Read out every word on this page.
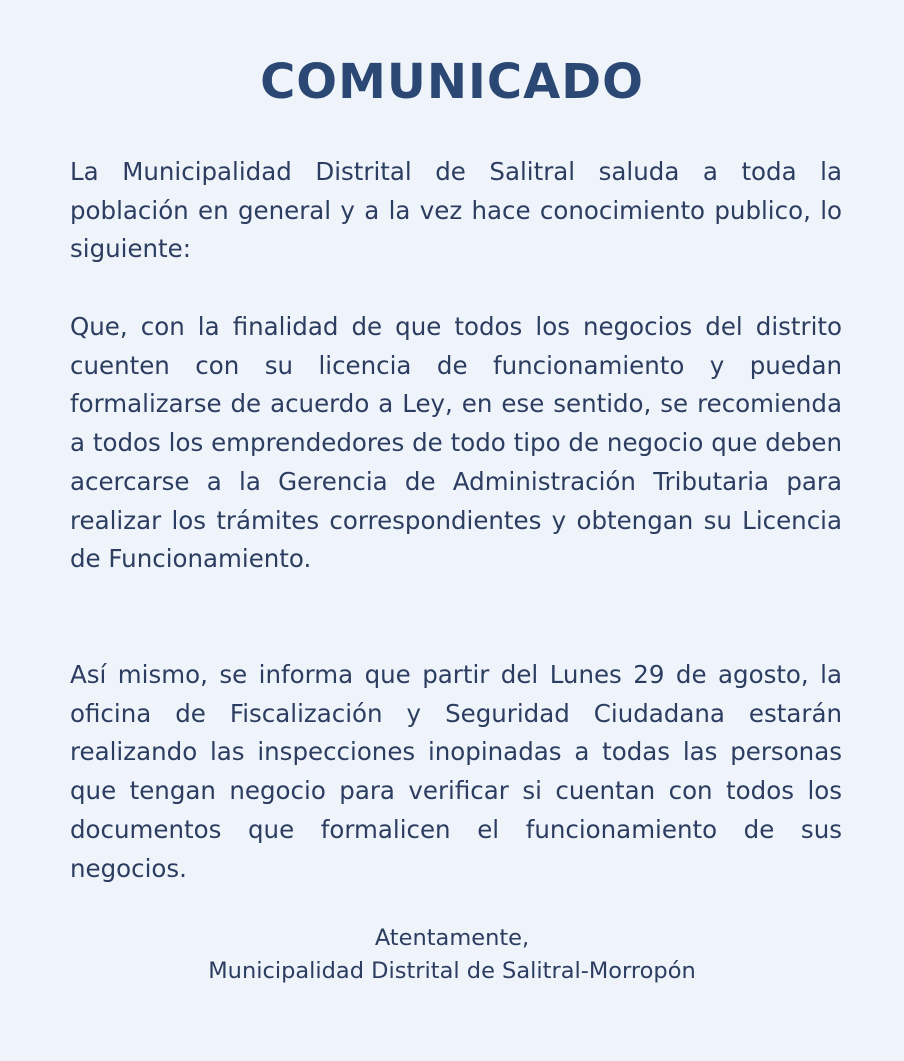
COMUNICADO

La Municipalidad Distrital de Salitral saluda a toda la población en general y a la vez hace conocimiento publico, lo siguiente:

Que, con la finalidad de que todos los negocios del distrito cuenten con su licencia de funcionamiento y puedan formalizarse de acuerdo a Ley, en ese sentido, se recomienda a todos los emprendedores de todo tipo de negocio que deben acercarse a la Gerencia de Administración Tributaria para realizar los trámites correspondientes y obtengan su Licencia de Funcionamiento.

Así mismo, se informa que partir del Lunes 29 de agosto, la oficina de Fiscalización y Seguridad Ciudadana estarán realizando las inspecciones inopinadas a todas las personas que tengan negocio para verificar si cuentan con todos los documentos que formalicen el funcionamiento de sus negocios.

Atentamente,
Municipalidad Distrital de Salitral-Morropón
